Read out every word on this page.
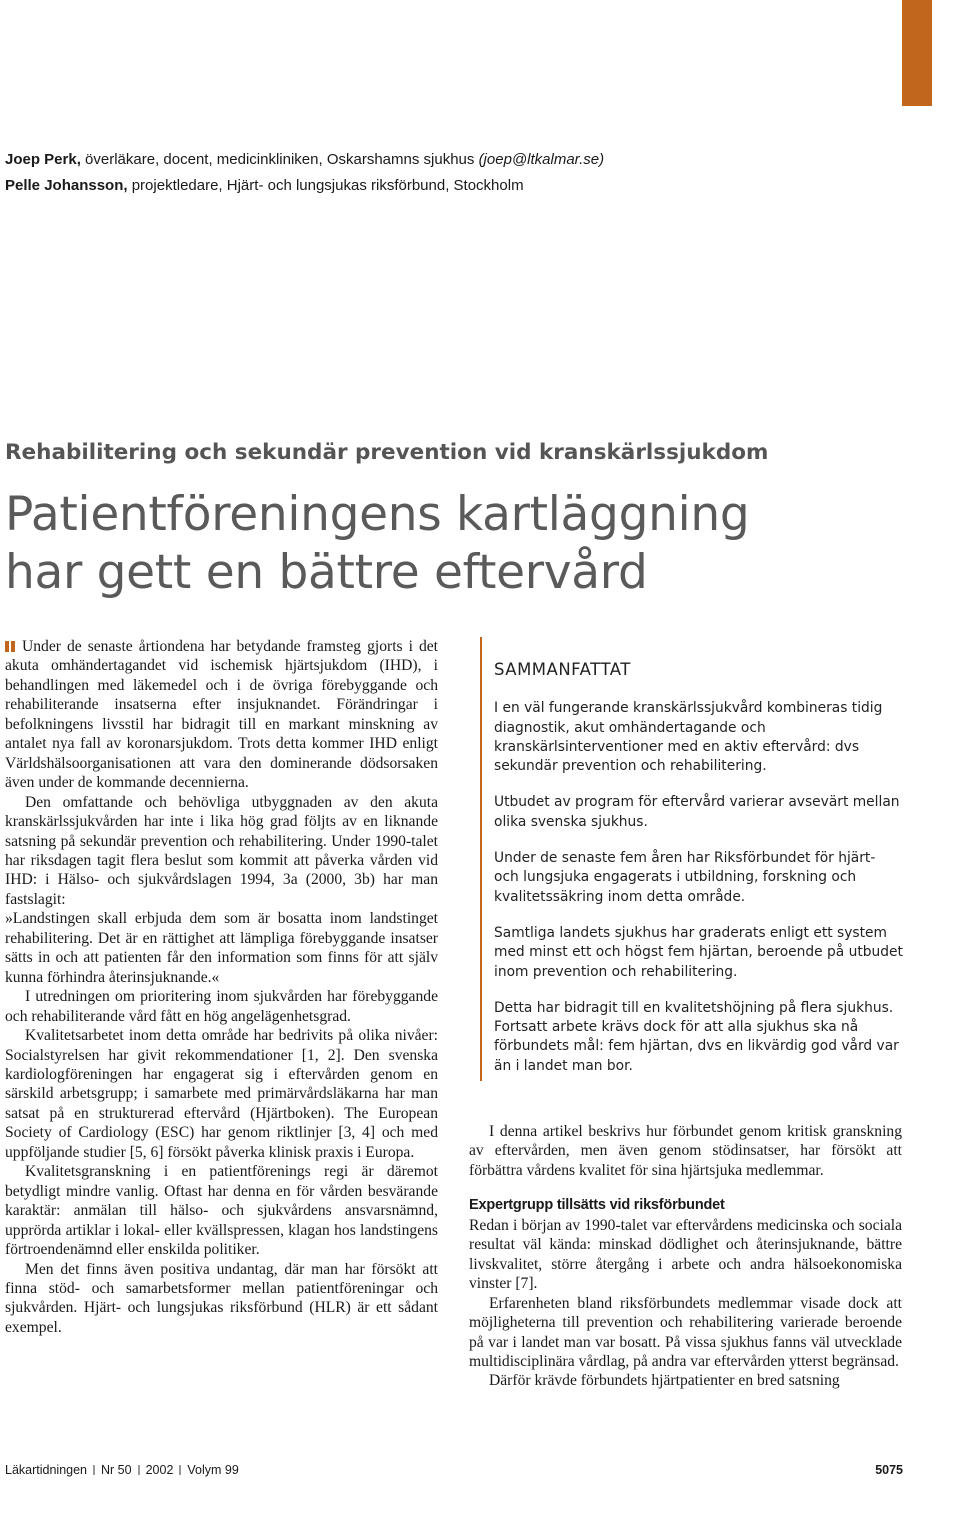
Joep Perk, överläkare, docent, medicinkliniken, Oskarshamns sjukhus (joep@ltkalmar.se)
Pelle Johansson, projektledare, Hjärt- och lungsjukas riksförbund, Stockholm
Rehabilitering och sekundär prevention vid kranskärlssjukdom
Patientföreningens kartläggning
har gett en bättre eftervård

Under de senaste årtiondena har betydande framsteg gjorts i det akuta omhändertagandet vid ischemisk hjärtsjukdom (IHD), i behandlingen med läkemedel och i de övriga förebyggande och rehabiliterande insatserna efter insjuknandet. Förändringar i befolkningens livsstil har bidragit till en markant minskning av antalet nya fall av koronarsjukdom. Trots detta kommer IHD enligt Världshälsoorganisationen att vara den dominerande dödsorsaken även under de kommande decennierna.

Den omfattande och behövliga utbyggnaden av den akuta kranskärlssjukvården har inte i lika hög grad följts av en liknande satsning på sekundär prevention och rehabilitering. Under 1990-talet har riksdagen tagit flera beslut som kommit att påverka vården vid IHD: i Hälso- och sjukvårdslagen 1994, 3a (2000, 3b) har man fastslagit:

»Landstingen skall erbjuda dem som är bosatta inom landstinget rehabilitering. Det är en rättighet att lämpliga förebyggande insatser sätts in och att patienten får den information som finns för att själv kunna förhindra återinsjuknande.«

I utredningen om prioritering inom sjukvården har förebyggande och rehabiliterande vård fått en hög angelägenhetsgrad.

Kvalitetsarbetet inom detta område har bedrivits på olika nivåer: Socialstyrelsen har givit rekommendationer [1, 2]. Den svenska kardiologföreningen har engagerat sig i eftervården genom en särskild arbetsgrupp; i samarbete med primärvårdsläkarna har man satsat på en strukturerad eftervård (Hjärtboken). The European Society of Cardiology (ESC) har genom riktlinjer [3, 4] och med uppföljande studier [5, 6] försökt påverka klinisk praxis i Europa.

Kvalitetsgranskning i en patientförenings regi är däremot betydligt mindre vanlig. Oftast har denna en för vården besvärande karaktär: anmälan till hälso- och sjukvårdens ansvarsnämnd, upprörda artiklar i lokal- eller kvällspressen, klagan hos landstingens förtroendenämnd eller enskilda politiker.

Men det finns även positiva undantag, där man har försökt att finna stöd- och samarbetsformer mellan patientföreningar och sjukvården. Hjärt- och lungsjukas riksförbund (HLR) är ett sådant exempel.

SAMMANFATTAT

I en väl fungerande kranskärlssjukvård kombineras tidig diagnostik, akut omhändertagande och kranskärlsinterventioner med en aktiv eftervård: dvs sekundär prevention och rehabilitering.

Utbudet av program för eftervård varierar avsevärt mellan olika svenska sjukhus.

Under de senaste fem åren har Riksförbundet för hjärt- och lungsjuka engagerats i utbildning, forskning och kvalitetssäkring inom detta område.

Samtliga landets sjukhus har graderats enligt ett system med minst ett och högst fem hjärtan, beroende på utbudet inom prevention och rehabilitering.

Detta har bidragit till en kvalitetshöjning på flera sjukhus. Fortsatt arbete krävs dock för att alla sjukhus ska nå förbundets mål: fem hjärtan, dvs en likvärdig god vård var än i landet man bor.

I denna artikel beskrivs hur förbundet genom kritisk granskning av eftervården, men även genom stödinsatser, har försökt att förbättra vårdens kvalitet för sina hjärtsjuka medlemmar.

Expertgrupp tillsätts vid riksförbundet

Redan i början av 1990-talet var eftervårdens medicinska och sociala resultat väl kända: minskad dödlighet och återinsjuknande, bättre livskvalitet, större återgång i arbete och andra hälsoekonomiska vinster [7].

Erfarenheten bland riksförbundets medlemmar visade dock att möjligheterna till prevention och rehabilitering varierade beroende på var i landet man var bosatt. På vissa sjukhus fanns väl utvecklade multidisciplinära vårdlag, på andra var eftervården ytterst begränsad.

Därför krävde förbundets hjärtpatienter en bred satsning

Läkartidningen Nr 50 2002 Volym 99	5075
